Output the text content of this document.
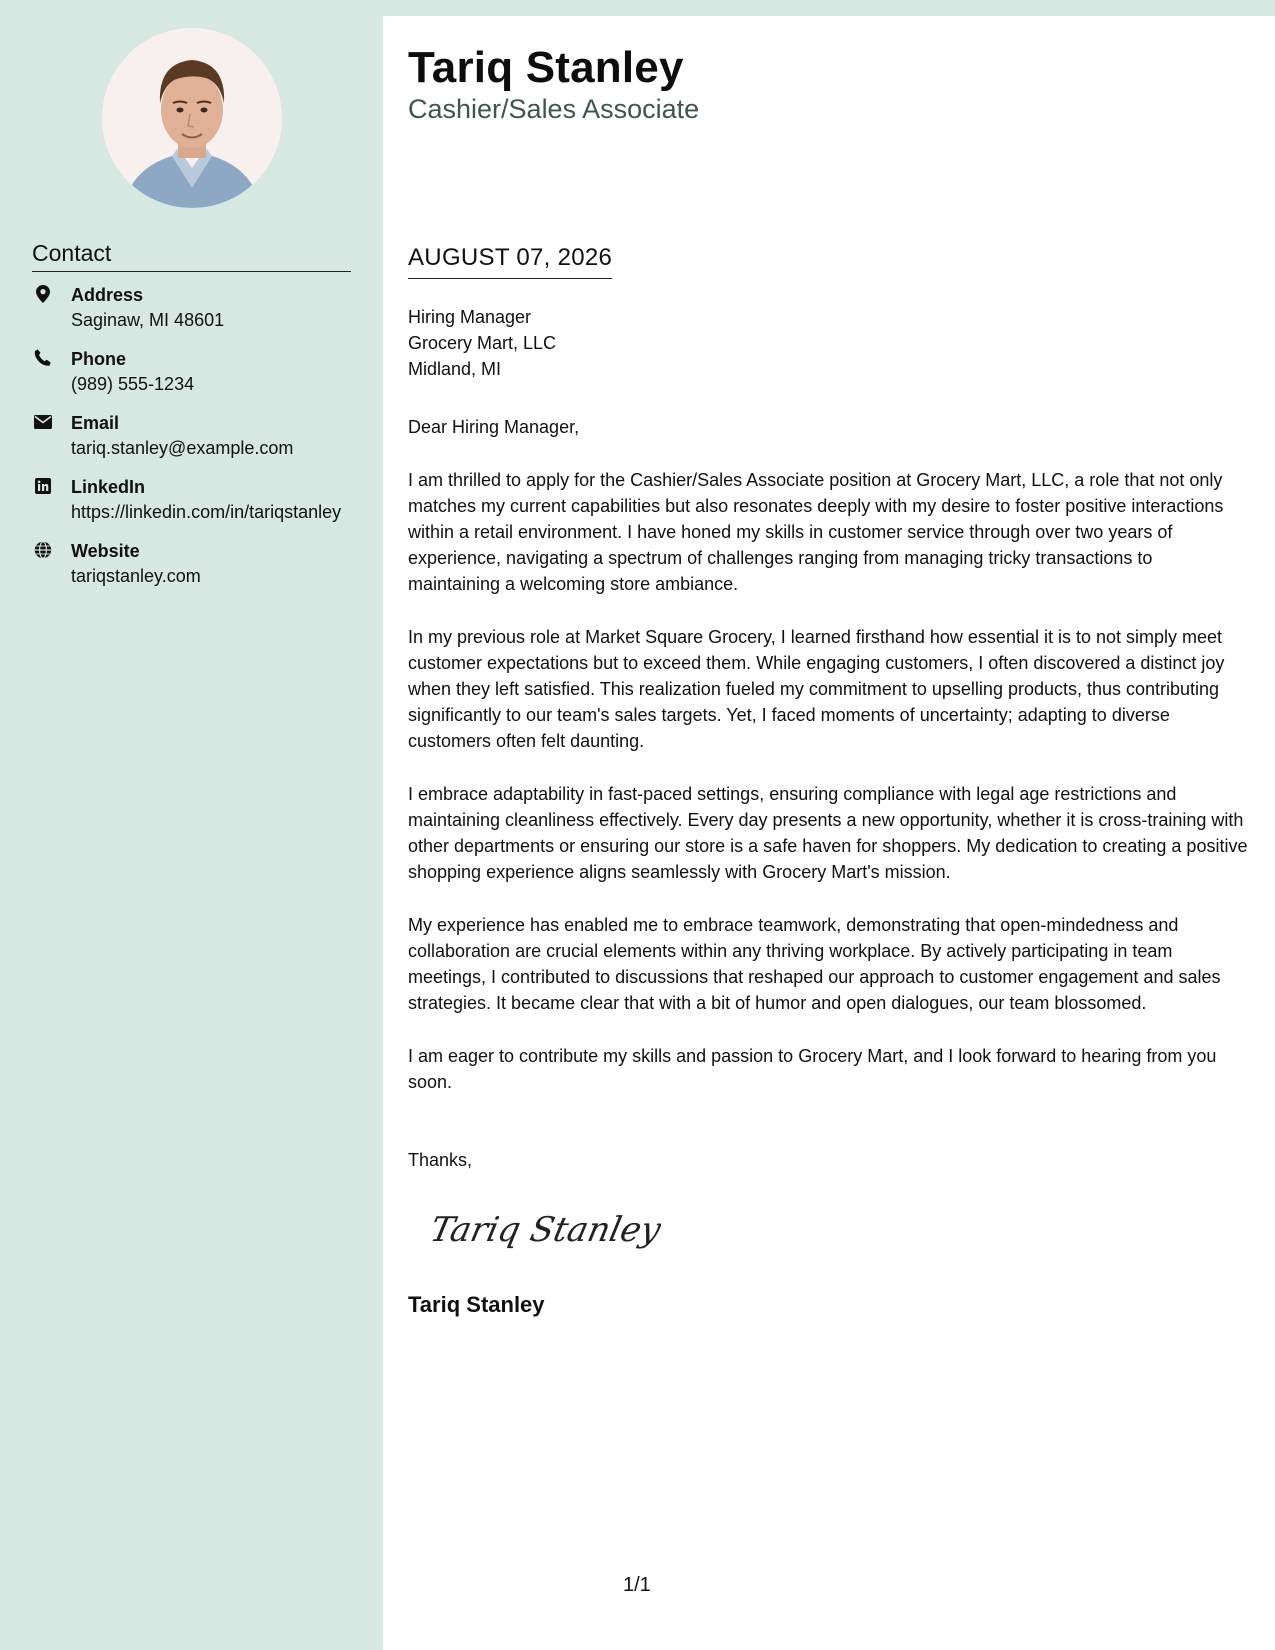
Contact
Address
Saginaw, MI 48601
Phone
(989) 555-1234
Email
tariq.stanley@example.com
LinkedIn
https://linkedin.com/in/tariqstanley
Website
tariqstanley.com
Tariq Stanley
Cashier/Sales Associate
AUGUST 07, 2026
Hiring Manager
Grocery Mart, LLC
Midland, MI

Dear Hiring Manager,

I am thrilled to apply for the Cashier/Sales Associate position at Grocery Mart, LLC, a role that not only matches my current capabilities but also resonates deeply with my desire to foster positive interactions within a retail environment. I have honed my skills in customer service through over two years of experience, navigating a spectrum of challenges ranging from managing tricky transactions to maintaining a welcoming store ambiance.

In my previous role at Market Square Grocery, I learned firsthand how essential it is to not simply meet customer expectations but to exceed them. While engaging customers, I often discovered a distinct joy when they left satisfied. This realization fueled my commitment to upselling products, thus contributing significantly to our team's sales targets. Yet, I faced moments of uncertainty; adapting to diverse customers often felt daunting.

I embrace adaptability in fast-paced settings, ensuring compliance with legal age restrictions and maintaining cleanliness effectively. Every day presents a new opportunity, whether it is cross-training with other departments or ensuring our store is a safe haven for shoppers. My dedication to creating a positive shopping experience aligns seamlessly with Grocery Mart's mission.

My experience has enabled me to embrace teamwork, demonstrating that open-mindedness and collaboration are crucial elements within any thriving workplace. By actively participating in team meetings, I contributed to discussions that reshaped our approach to customer engagement and sales strategies. It became clear that with a bit of humor and open dialogues, our team blossomed.

I am eager to contribute my skills and passion to Grocery Mart, and I look forward to hearing from you soon.

Thanks,
Tariq Stanley
Tariq Stanley
1/1
